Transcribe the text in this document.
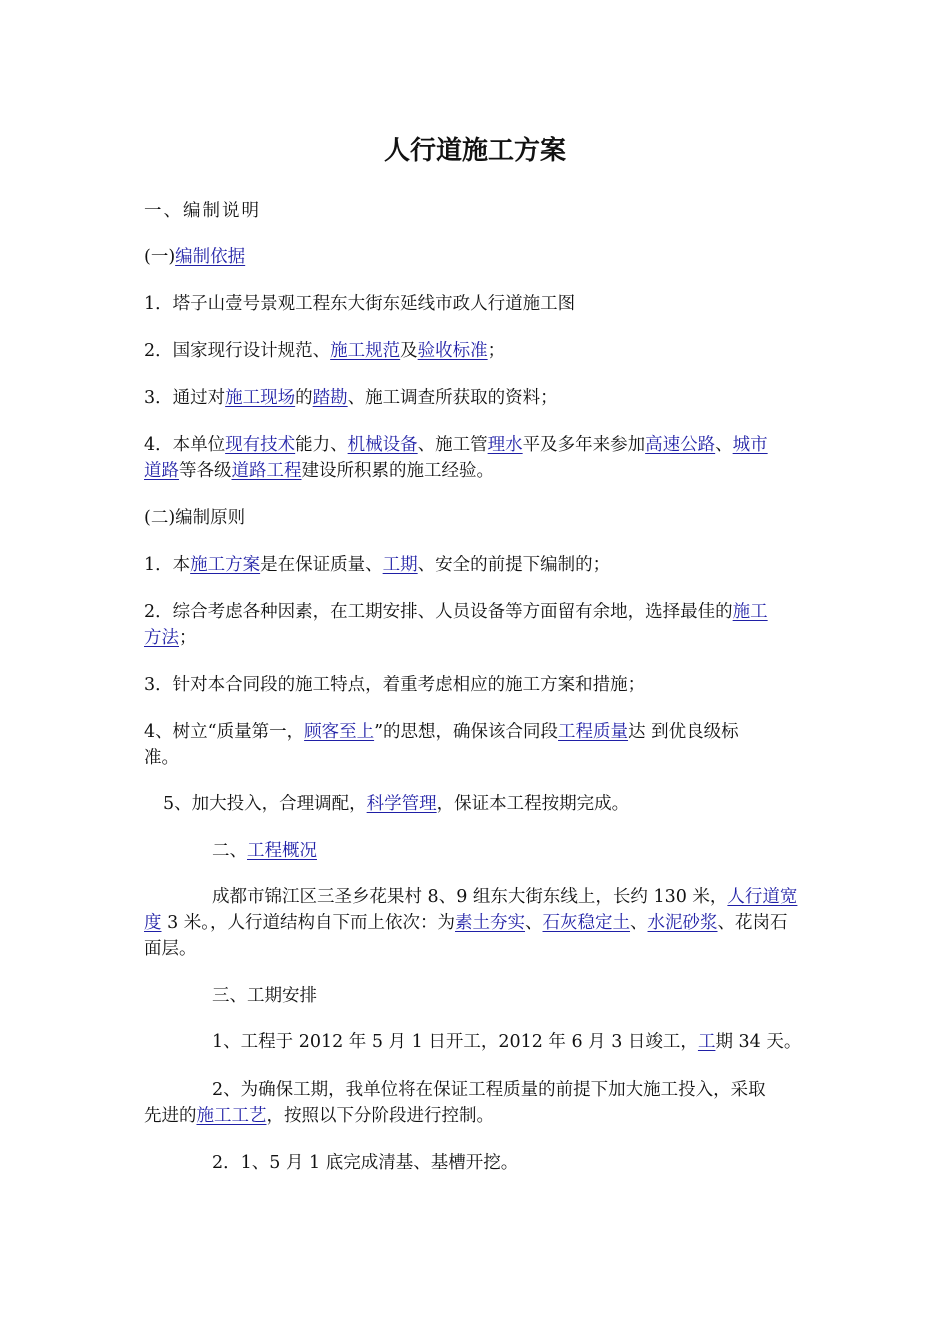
人行道施工方案
一、编制说明
(一)编制依据
1．塔子山壹号景观工程东大街东延线市政人行道施工图
2．国家现行设计规范、施工规范及验收标准；
3．通过对施工现场的踏勘、施工调查所获取的资料；
4．本单位现有技术能力、机械设备、施工管理水平及多年来参加高速公路、城市
道路等各级道路工程建设所积累的施工经验。
(二)编制原则
1．本施工方案是在保证质量、工期、安全的前提下编制的；
2．综合考虑各种因素，在工期安排、人员设备等方面留有余地，选择最佳的施工
方法；
3．针对本合同段的施工特点，着重考虑相应的施工方案和措施；
4、树立“质量第一，顾客至上”的思想，确保该合同段工程质量达 到优良级标
准。
5、加大投入，合理调配，科学管理，保证本工程按期完成。
二、工程概况
成都市锦江区三圣乡花果村 8、9 组东大街东线上，长约 130 米，人行道宽
度 3 米。，人行道结构自下而上依次：为素土夯实、石灰稳定土、水泥砂浆、花岗石
面层。
三、工期安排
1、工程于 2012 年 5 月 1 日开工，2012 年 6 月 3 日竣工，工期 34 天。
2、为确保工期，我单位将在保证工程质量的前提下加大施工投入，采取
先进的施工工艺，按照以下分阶段进行控制。
2．1、5 月 1 底完成清基、基槽开挖。
